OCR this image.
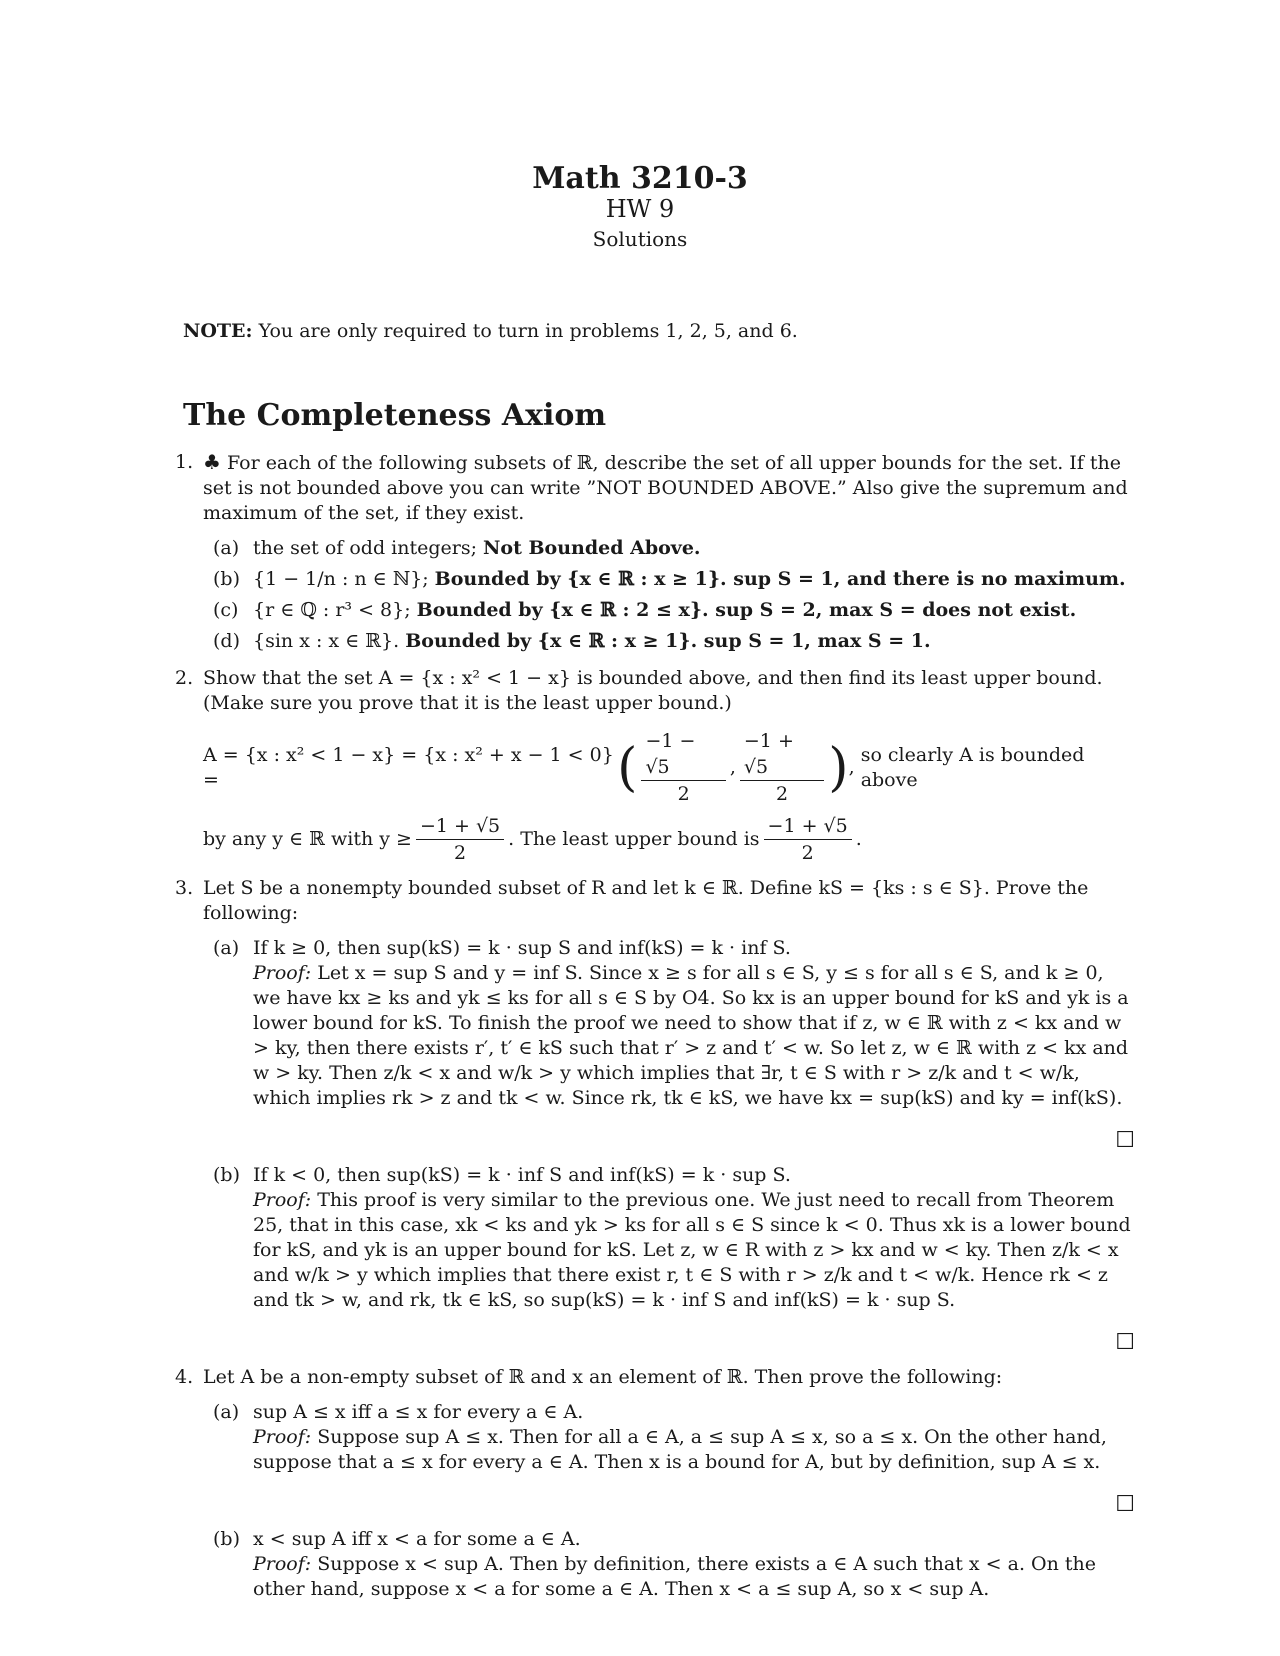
Math 3210-3
HW 9
Solutions
NOTE: You are only required to turn in problems 1, 2, 5, and 6.
The Completeness Axiom
1. ♣ For each of the following subsets of ℝ, describe the set of all upper bounds for the set. If the set is not bounded above you can write ”NOT BOUNDED ABOVE.” Also give the supremum and maximum of the set, if they exist.
(a) the set of odd integers; Not Bounded Above.
(b) {1 − 1/n : n ∈ ℕ}; Bounded by {x ∈ ℝ : x ≥ 1}. sup S = 1, and there is no maximum.
(c) {r ∈ ℚ : r³ < 8}; Bounded by {x ∈ ℝ : 2 ≤ x}. sup S = 2, max S = does not exist.
(d) {sin x : x ∈ ℝ}. Bounded by {x ∈ ℝ : x ≥ 1}. sup S = 1, max S = 1.
2. Show that the set A = {x : x² < 1 − x} is bounded above, and then find its least upper bound. (Make sure you prove that it is the least upper bound.)
A = {x : x² < 1 − x} = {x : x² + x − 1 < 0} =	( $\frac{-1 - √5}{2}$ , $\frac{-1 + √5}{2}$ ) ,
so clearly A is bounded above
by any y ∈ ℝ with $y \ge \frac{-1 + √5}{2}$ . The least upper bound is $\frac{-1 + √5}{2}$ .
3. Let S be a nonempty bounded subset of R and let k ∈ ℝ. Define kS = {ks : s ∈ S}. Prove the following:
(a) If k ≥ 0, then sup(kS) = k · sup S and inf(kS) = k · inf S.
Proof: Let x = sup S and y = inf S. Since x ≥ s for all s ∈ S, y ≤ s for all s ∈ S, and k ≥ 0, we have kx ≥ ks and yk ≤ ks for all s ∈ S by O4. So kx is an upper bound for kS and yk is a lower bound for kS. To finish the proof we need to show that if z, w ∈ ℝ with z < kx and w > ky, then there exists r′, t′ ∈ kS such that r′ > z and t′ < w. So let z, w ∈ ℝ with z < kx and w > ky. Then z/k < x and w/k > y which implies that ∃r, t ∈ S with r > z/k and t < w/k, which implies rk > z and tk < w. Since rk, tk ∈ kS, we have kx = sup(kS) and ky = inf(kS).
☐
(b) If k < 0, then sup(kS) = k · inf S and inf(kS) = k · sup S.
Proof: This proof is very similar to the previous one. We just need to recall from Theorem 25, that in this case, xk < ks and yk > ks for all s ∈ S since k < 0. Thus xk is a lower bound for kS, and yk is an upper bound for kS. Let z, w ∈ R with z > kx and w < ky. Then z/k < x and w/k > y which implies that there exist r, t ∈ S with r > z/k and t < w/k. Hence rk < z and tk > w, and rk, tk ∈ kS, so sup(kS) = k · inf S and inf(kS) = k · sup S.
☐
4. Let A be a non-empty subset of ℝ and x an element of ℝ. Then prove the following:
(a) sup A ≤ x iff a ≤ x for every a ∈ A.
Proof: Suppose sup A ≤ x. Then for all a ∈ A, a ≤ sup A ≤ x, so a ≤ x. On the other hand, suppose that a ≤ x for every a ∈ A. Then x is a bound for A, but by definition, sup A ≤ x.
☐
(b) x < sup A iff x < a for some a ∈ A.
Proof: Suppose x < sup A. Then by definition, there exists a ∈ A such that x < a. On the other hand, suppose x < a for some a ∈ A. Then x < a ≤ sup A, so x < sup A.
